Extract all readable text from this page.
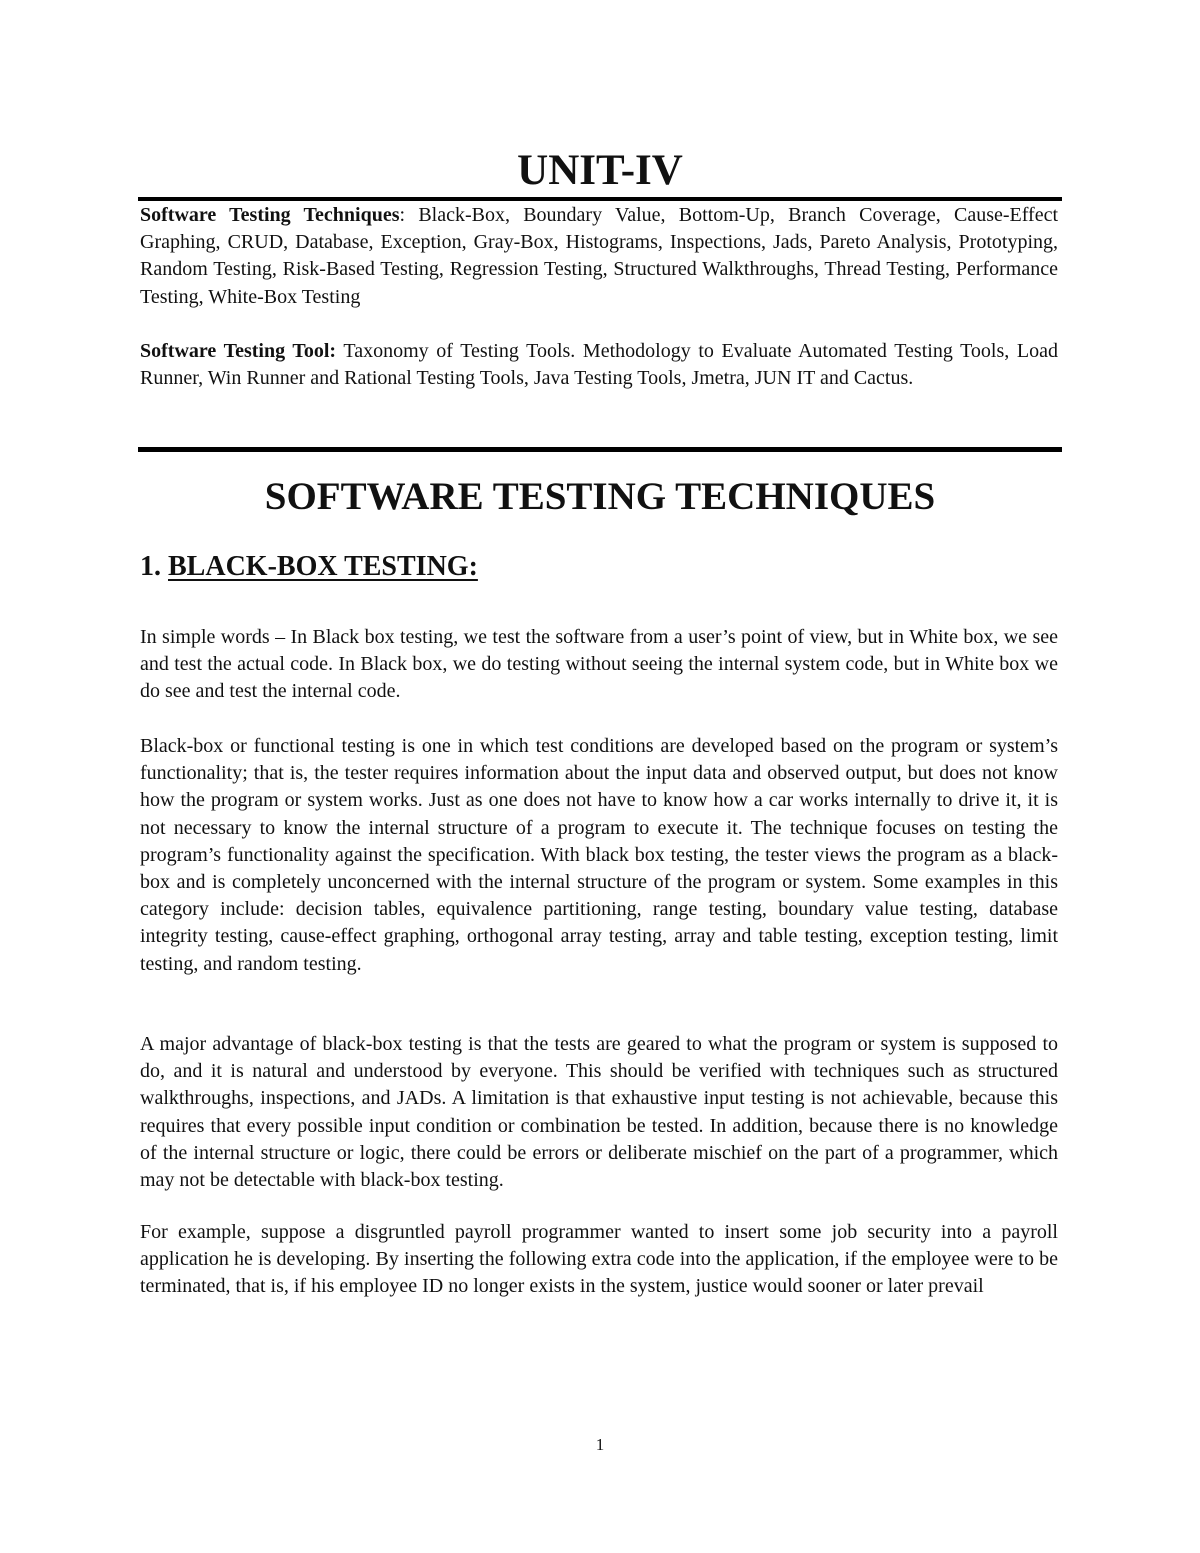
UNIT-IV

Software Testing Techniques: Black-Box, Boundary Value, Bottom-Up, Branch Coverage, Cause-Effect Graphing, CRUD, Database, Exception, Gray-Box, Histograms, Inspections, Jads, Pareto Analysis, Prototyping, Random Testing, Risk-Based Testing, Regression Testing, Structured Walkthroughs, Thread Testing, Performance Testing, White-Box Testing

Software Testing Tool: Taxonomy of Testing Tools. Methodology to Evaluate Automated Testing Tools, Load Runner, Win Runner and Rational Testing Tools, Java Testing Tools, Jmetra, JUN IT and Cactus.

SOFTWARE TESTING TECHNIQUES
1. BLACK-BOX TESTING:

In simple words – In Black box testing, we test the software from a user’s point of view, but in White box, we see and test the actual code. In Black box, we do testing without seeing the internal system code, but in White box we do see and test the internal code.

Black-box or functional testing is one in which test conditions are developed based on the program or system’s functionality; that is, the tester requires information about the input data and observed output, but does not know how the program or system works. Just as one does not have to know how a car works internally to drive it, it is not necessary to know the internal structure of a program to execute it. The technique focuses on testing the program’s functionality against the specification. With black box testing, the tester views the program as a black-box and is completely unconcerned with the internal structure of the program or system. Some examples in this category include: decision tables, equivalence partitioning, range testing, boundary value testing, database integrity testing, cause-effect graphing, orthogonal array testing, array and table testing, exception testing, limit testing, and random testing.

A major advantage of black-box testing is that the tests are geared to what the program or system is supposed to do, and it is natural and understood by everyone. This should be verified with techniques such as structured walkthroughs, inspections, and JADs. A limitation is that exhaustive input testing is not achievable, because this requires that every possible input condition or combination be tested. In addition, because there is no knowledge of the internal structure or logic, there could be errors or deliberate mischief on the part of a programmer, which may not be detectable with black-box testing.

For example, suppose a disgruntled payroll programmer wanted to insert some job security into a payroll application he is developing. By inserting the following extra code into the application, if the employee were to be terminated, that is, if his employee ID no longer exists in the system, justice would sooner or later prevail

1
